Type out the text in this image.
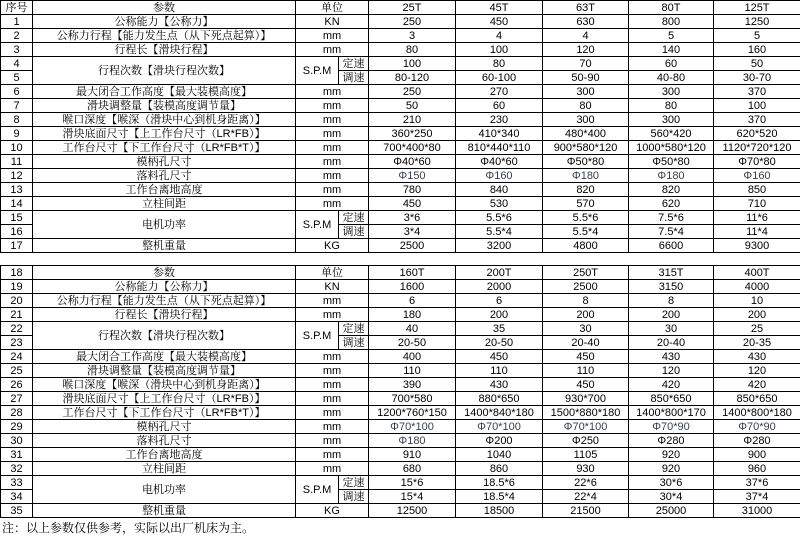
序号	参数	单位		25T	45T	63T	80T	125T
1	公称能力【公称力】	KN		250	450	630	800	1250
2	公称力行程【能力发生点（从下死点起算）】	mm		3	4	4	5	5
3	行程长【滑块行程】	mm		80	100	120	140	160
4	行程次数【滑块行程次数】	S.P.M	定速	100	80	70	60	50
5			调速	80-120	60-100	50-90	40-80	30-70
6	最大闭合工作高度【最大装模高度】	mm		250	270	300	300	370
7	滑块调整量【装模高度调节量】	mm		50	60	80	80	100
8	喉口深度【喉深（滑块中心到机身距离）】	mm		210	230	300	300	370
9	滑块底面尺寸【上工作台尺寸（LR*FB）】	mm		360*250	410*340	480*400	560*420	620*520
10	工作台尺寸【下工作台尺寸（LR*FB*T）】	mm		700*400*80	810*440*110	900*580*120	1000*580*120	1120*720*120
11	模柄孔尺寸	mm		Φ40*60	Φ40*60	Φ50*80	Φ50*80	Φ70*80
12	落料孔尺寸	mm		Φ150	Φ160	Φ180	Φ180	Φ160
13	工作台离地高度	mm		780	840	820	820	850
14	立柱间距	mm		450	530	570	620	710
15	电机功率	S.P.M	定速	3*6	5.5*6	5.5*6	7.5*6	11*6
16			调速	3*4	5.5*4	5.5*4	7.5*4	11*4
17	整机重量	KG		2500	3200	4800	6600	9300
18	参数	单位		160T	200T	250T	315T	400T
19	公称能力【公称力】	KN		1600	2000	2500	3150	4000
20	公称力行程【能力发生点（从下死点起算）】	mm		6	6	8	8	10
21	行程长【滑块行程】	mm		180	200	200	200	200
22	行程次数【滑块行程次数】	S.P.M	定速	40	35	30	30	25
23			调速	20-50	20-50	20-40	20-40	20-35
24	最大闭合工作高度【最大装模高度】	mm		400	450	450	430	430
25	滑块调整量【装模高度调节量】	mm		110	110	110	120	120
26	喉口深度【喉深（滑块中心到机身距离）】	mm		390	430	450	420	420
27	滑块底面尺寸【上工作台尺寸（LR*FB）】	mm		700*580	880*650	930*700	850*650	850*650
28	工作台尺寸【下工作台尺寸（LR*FB*T）】	mm		1200*760*150	1400*840*180	1500*880*180	1400*800*170	1400*800*180
29	模柄孔尺寸	mm		Φ70*100	Φ70*100	Φ70*100	Φ70*90	Φ70*90
30	落料孔尺寸	mm		Φ180	Φ200	Φ250	Φ280	Φ280
31	工作台离地高度	mm		910	1040	1105	920	900
32	立柱间距	mm		680	860	930	920	960
33	电机功率	S.P.M	定速	15*6	18.5*6	22*6	30*6	37*6
34			调速	15*4	18.5*4	22*4	30*4	37*4
35	整机重量	KG		12500	18500	21500	25000	31000
注：以上参数仅供参考，实际以出厂机床为主。
